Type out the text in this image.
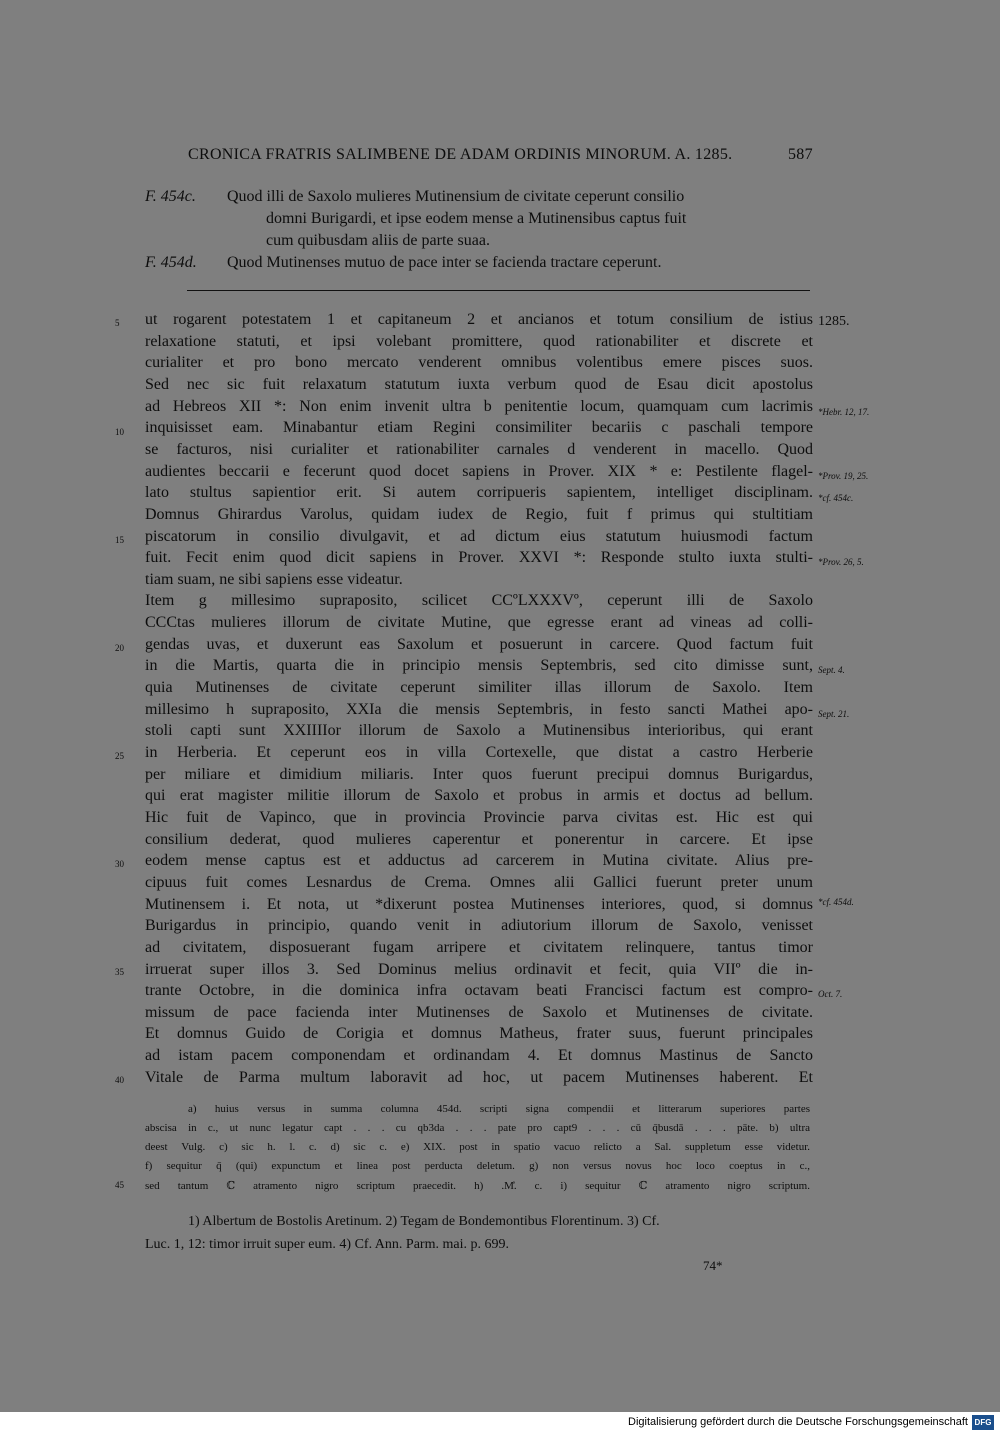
CRONICA FRATRIS SALIMBENE DE ADAM ORDINIS MINORUM. A. 1285.	587
F. 454c. Quod illi de Saxolo mulieres Mutinensium de civitate ceperunt consilio
domni Burigardi, et ipse eodem mense a Mutinensibus captus fuit
cum quibusdam aliis de parte suaa.
F. 454d. Quod Mutinenses mutuo de pace inter se facienda tractare ceperunt.
ut rogarent potestatem 1 et capitaneum 2 et ancianos et totum consilium de istius
relaxatione statuti, et ipsi volebant promittere, quod rationabiliter et discrete et
curialiter et pro bono mercato venderent omnibus volentibus emere pisces suos.
Sed nec sic fuit relaxatum statutum iuxta verbum quod de Esau dicit apostolus
ad Hebreos XII *: Non enim invenit ultra b penitentie locum, quamquam cum lacrimis
inquisisset eam. Minabantur etiam Regini consimiliter becariis c paschali tempore
se facturos, nisi curialiter et rationabiliter carnales d venderent in macello. Quod
audientes beccarii e fecerunt quod docet sapiens in Prover. XIX * e: Pestilente flagel-
lato stultus sapientior erit. Si autem corripueris sapientem, intelliget disciplinam.
Domnus Ghirardus Varolus, quidam iudex de Regio, fuit f primus qui stultitiam
piscatorum in consilio divulgavit, et ad dictum eius statutum huiusmodi factum
fuit. Fecit enim quod dicit sapiens in Prover. XXVI *: Responde stulto iuxta stulti-
tiam suam, ne sibi sapiens esse videatur.
Item g millesimo supraposito, scilicet CCºLXXXVº, ceperunt illi de Saxolo
CCCtas mulieres illorum de civitate Mutine, que egresse erant ad vineas ad colli-
gendas uvas, et duxerunt eas Saxolum et posuerunt in carcere. Quod factum fuit
in die Martis, quarta die in principio mensis Septembris, sed cito dimisse sunt,
quia Mutinenses de civitate ceperunt similiter illas illorum de Saxolo. Item
millesimo h supraposito, XXIa die mensis Septembris, in festo sancti Mathei apo-
stoli capti sunt XXIIIIor illorum de Saxolo a Mutinensibus interioribus, qui erant
in Herberia. Et ceperunt eos in villa Cortexelle, que distat a castro Herberie
per miliare et dimidium miliaris. Inter quos fuerunt precipui domnus Burigardus,
qui erat magister militie illorum de Saxolo et probus in armis et doctus ad bellum.
Hic fuit de Vapinco, que in provincia Provincie parva civitas est. Hic est qui
consilium dederat, quod mulieres caperentur et ponerentur in carcere. Et ipse
eodem mense captus est et adductus ad carcerem in Mutina civitate. Alius pre-
cipuus fuit comes Lesnardus de Crema. Omnes alii Gallici fuerunt preter unum
Mutinensem i. Et nota, ut *dixerunt postea Mutinenses interiores, quod, si domnus
Burigardus in principio, quando venit in adiutorium illorum de Saxolo, venisset
ad civitatem, disposuerant fugam arripere et civitatem relinquere, tantus timor
irruerat super illos 3. Sed Dominus melius ordinavit et fecit, quia VIIº die in-
trante Octobre, in die dominica infra octavam beati Francisci factum est compro-
missum de pace facienda inter Mutinenses de Saxolo et Mutinenses de civitate.
Et domnus Guido de Corigia et domnus Matheus, frater suus, fuerunt principales
ad istam pacem componendam et ordinandam 4. Et domnus Mastinus de Sancto
Vitale de Parma multum laboravit ad hoc, ut pacem Mutinenses haberent. Et
5
10
15
20
25
30
35
40
1285.
*Hebr. 12, 17.
*Prov. 19, 25.
*cf. 454c.
*Prov. 26, 5.
Sept. 4.
Sept. 21.
*cf. 454d.
Oct. 7.
a) huius versus in summa columna 454d. scripti signa compendii et litterarum superiores partes
abscisa in c., ut nunc legatur capt . . . cu qb3da . . . pate pro capt9 . . . cū q̄busdā . . . pāte. b) ultra
deest Vulg. c) sic h. l. c. d) sic c. e) XIX. post in spatio vacuo relicto a Sal. suppletum esse videtur.
f) sequitur q̄ (qui) expunctum et linea post perducta deletum. g) non versus novus hoc loco coeptus in c.,
sed tantum ℂ atramento nigro scriptum praecedit. h) .M̊. c. i) sequitur ℂ atramento nigro scriptum.
45
1) Albertum de Bostolis Aretinum. 2) Tegam de Bondemontibus Florentinum. 3) Cf.
Luc. 1, 12: timor irruit super eum. 4) Cf. Ann. Parm. mai. p. 699.
74*
Digitalisierung gefördert durch die Deutsche Forschungsgemeinschaft DFG
